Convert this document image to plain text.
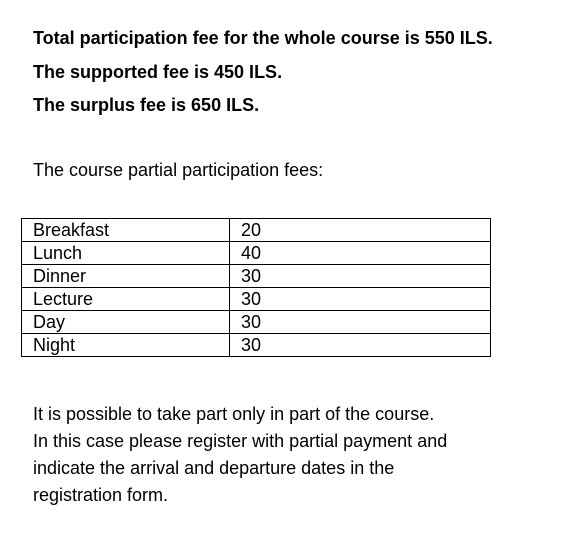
Total participation fee for the whole course is 550 ILS.
The supported fee is 450 ILS.
The surplus fee is 650 ILS.
The course partial participation fees:
Breakfast	20
Lunch	40
Dinner	30
Lecture	30
Day	30
Night	30
It is possible to take part only in part of the course.
In this case please register with partial payment and
indicate the arrival and departure dates in the
registration form.
